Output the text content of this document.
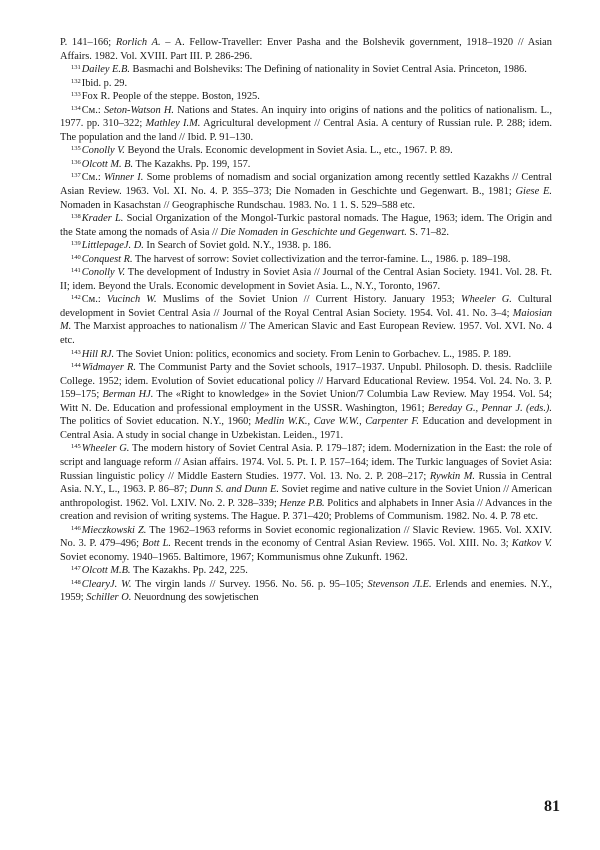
P. 141–166; Rorlich A. – A. Fellow-Traveller: Enver Pasha and the Bolshevik government, 1918–1920 // Asian Affairs. 1982. Vol. XVIII. Part III. P. 286-296.

$^{131}$Dailey E.B. Basmachi and Bolsheviks: The Defining of nationality in Soviet Central Asia. Princeton, 1986.

$^{132}$Ibid. p. 29.

$^{133}$Fox R. People of the steppe. Boston, 1925.

$^{134}$См.: Seton-Watson H. Nations and States. An inquiry into origins of nations and the politics of nationalism. L., 1977. pp. 310–322; Mathley I.M. Agricultural development // Central Asia. A century of Russian rule. P. 288; idem. The population and the land // Ibid. P. 91–130.

$^{135}$Conolly V. Beyond the Urals. Economic development in Soviet Asia. L., etc., 1967. P. 89.

$^{136}$Olcott M. B. The Kazakhs. Pp. 199, 157.

$^{137}$См.: Winner I. Some problems of nomadism and social organization among recently settled Kazakhs // Central Asian Review. 1963. Vol. XI. No. 4. P. 355–373; Die Nomaden in Geschichte und Gegenwart. B., 1981; Giese E. Nomaden in Kasachstan // Geographische Rundschau. 1983. No. 1 1. S. 529–588 etc.

$^{138}$Krader L. Social Organization of the Mongol-Turkic pastoral nomads. The Hague, 1963; idem. The Origin and the State among the nomads of Asia // Die Nomaden in Geschichte und Gegenwart. S. 71–82.

$^{139}$LittlepageJ. D. In Search of Soviet gold. N.Y., 1938. p. 186.

$^{140}$Conquest R. The harvest of sorrow: Soviet collectivization and the terror-famine. L., 1986. p. 189–198.

$^{141}$Conolly V. The development of Industry in Soviet Asia // Journal of the Central Asian Society. 1941. Vol. 28. Ft. II; idem. Beyond the Urals. Economic development in Soviet Asia. L., N.Y., Toronto, 1967.

$^{142}$См.: Vucinch W. Muslims of the Soviet Union // Current History. January 1953; Wheeler G. Cultural development in Soviet Central Asia // Journal of the Royal Central Asian Society. 1954. Vol. 41. No. 3–4; Maiosian M. The Marxist approaches to nationalism // The American Slavic and East European Review. 1957. Vol. XVI. No. 4 etc.

$^{143}$Hill RJ. The Soviet Union: politics, economics and society. From Lenin to Gorbachev. L., 1985. P. 189.

$^{144}$Widmayer R. The Communist Party and the Soviet schools, 1917–1937. Unpubl. Philosoph. D. thesis. Radcliile College. 1952; idem. Evolution of Soviet educational policy // Harvard Educational Review. 1954. Vol. 24. No. 3. P. 159–175; Berman HJ. The «Right to knowledge» in the Soviet Union/7 Columbia Law Review. May 1954. Vol. 54; Witt N. De. Education and professional employment in the USSR. Washington, 1961; Bereday G., Pennar J. (eds.). The politics of Soviet education. N.Y., 1960; Medlin W.K., Cave W.W., Carpenter F. Education and development in Central Asia. A study in social change in Uzbekistan. Leiden., 1971.

$^{145}$Wheeler G. The modern history of Soviet Central Asia. P. 179–187; idem. Modernization in the East: the role of script and language reform // Asian affairs. 1974. Vol. 5. Pt. I. P. 157–164; idem. The Turkic languages of Soviet Asia: Russian linguistic policy // Middle Eastern Studies. 1977. Vol. 13. No. 2. P. 208–217; Rywkin M. Russia in Central Asia. N.Y., L., 1963. P. 86–87; Dunn S. and Dunn E. Soviet regime and native culture in the Soviet Union // American anthropologist. 1962. Vol. LXIV. No. 2. P. 328–339; Henze P.B. Politics and alphabets in Inner Asia // Advances in the creation and revision of writing systems. The Hague. P. 371–420; Problems of Communism. 1982. No. 4. P. 78 etc.

$^{146}$Mieczkowski Z. The 1962–1963 reforms in Soviet economic regionalization // Slavic Review. 1965. Vol. XXIV. No. 3. P. 479–496; Bott L. Recent trends in the economy of Central Asian Review. 1965. Vol. XIII. No. 3; Katkov V. Soviet economy. 1940–1965. Baltimore, 1967; Kommunismus ohne Zukunft. 1962.

$^{147}$Olcott M.B. The Kazakhs. Pp. 242, 225.

$^{148}$ClearyJ. W. The virgin lands // Survey. 1956. No. 56. p. 95–105; Stevenson Л.E. Erlends and enemies. N.Y., 1959; Schiller O. Neuordnung des sowjetischen

81
